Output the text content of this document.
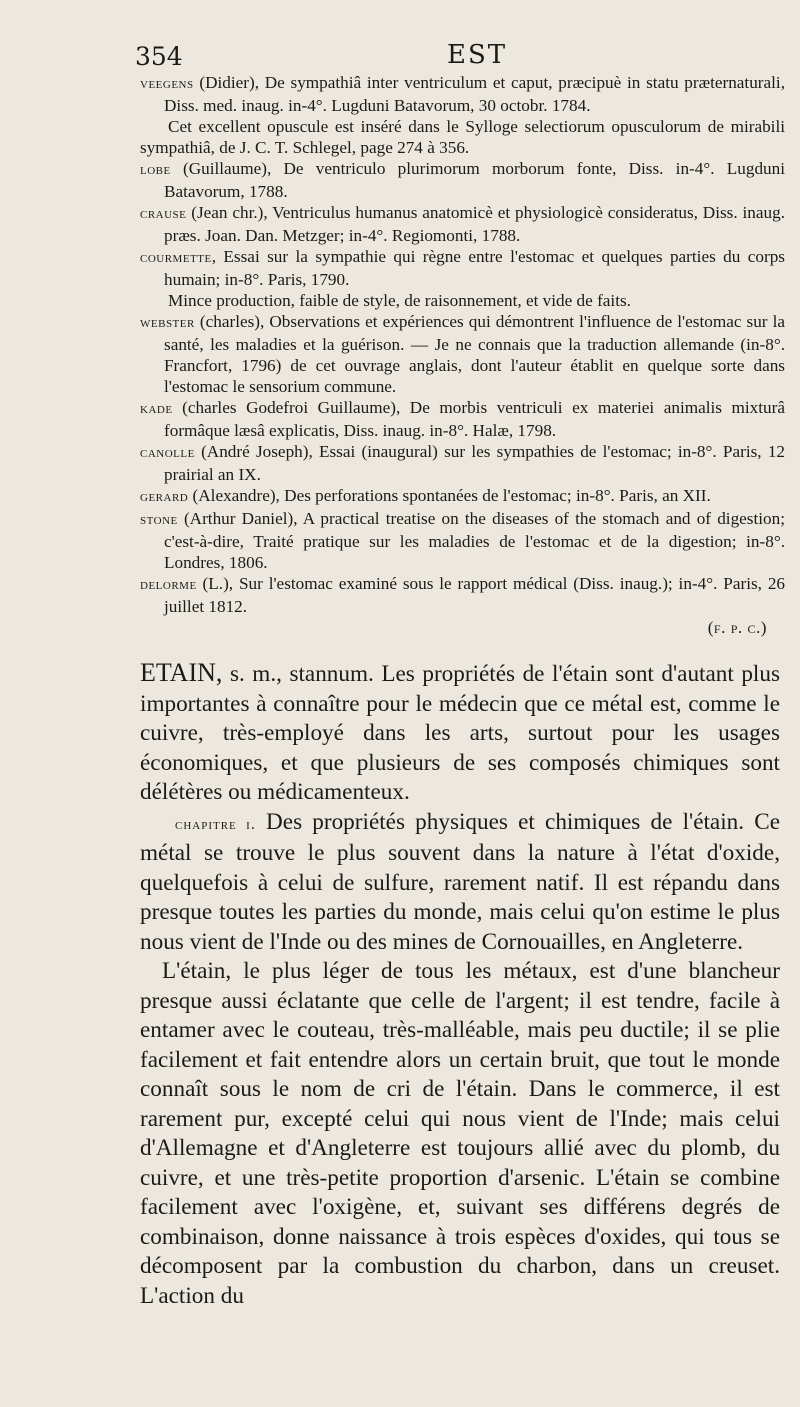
354	EST

veegens (Didier), De sympathiâ inter ventriculum et caput, præcipuè in statu præternaturali, Diss. med. inaug. in-4°. Lugduni Batavorum, 30 octobr. 1784.

Cet excellent opuscule est inséré dans le Sylloge selectiorum opusculorum de mirabili sympathiâ, de J. C. T. Schlegel, page 274 à 356.

lobe (Guillaume), De ventriculo plurimorum morborum fonte, Diss. in-4°. Lugduni Batavorum, 1788.

crause (Jean chr.), Ventriculus humanus anatomicè et physiologicè consideratus, Diss. inaug. præs. Joan. Dan. Metzger; in-4°. Regiomonti, 1788.

courmette, Essai sur la sympathie qui règne entre l'estomac et quelques parties du corps humain; in-8°. Paris, 1790.

Mince production, faible de style, de raisonnement, et vide de faits.

webster (charles), Observations et expériences qui démontrent l'influence de l'estomac sur la santé, les maladies et la guérison. — Je ne connais que la traduction allemande (in-8°. Francfort, 1796) de cet ouvrage anglais, dont l'auteur établit en quelque sorte dans l'estomac le sensorium commune.

kade (charles Godefroi Guillaume), De morbis ventriculi ex materiei animalis mixturâ formâque læsâ explicatis, Diss. inaug. in-8°. Halæ, 1798.

canolle (André Joseph), Essai (inaugural) sur les sympathies de l'estomac; in-8°. Paris, 12 prairial an IX.

gerard (Alexandre), Des perforations spontanées de l'estomac; in-8°. Paris, an XII.

stone (Arthur Daniel), A practical treatise on the diseases of the stomach and of digestion; c'est-à-dire, Traité pratique sur les maladies de l'estomac et de la digestion; in-8°. Londres, 1806.

delorme (L.), Sur l'estomac examiné sous le rapport médical (Diss. inaug.); in-4°. Paris, 26 juillet 1812.

(f. p. c.)

ETAIN, s. m., stannum. Les propriétés de l'étain sont d'autant plus importantes à connaître pour le médecin que ce métal est, comme le cuivre, très-employé dans les arts, surtout pour les usages économiques, et que plusieurs de ses composés chimiques sont délétères ou médicamenteux.

chapitre i. Des propriétés physiques et chimiques de l'étain. Ce métal se trouve le plus souvent dans la nature à l'état d'oxide, quelquefois à celui de sulfure, rarement natif. Il est répandu dans presque toutes les parties du monde, mais celui qu'on estime le plus nous vient de l'Inde ou des mines de Cornouailles, en Angleterre.

L'étain, le plus léger de tous les métaux, est d'une blancheur presque aussi éclatante que celle de l'argent; il est tendre, facile à entamer avec le couteau, très-malléable, mais peu ductile; il se plie facilement et fait entendre alors un certain bruit, que tout le monde connaît sous le nom de cri de l'étain. Dans le commerce, il est rarement pur, excepté celui qui nous vient de l'Inde; mais celui d'Allemagne et d'Angleterre est toujours allié avec du plomb, du cuivre, et une très-petite proportion d'arsenic. L'étain se combine facilement avec l'oxigène, et, suivant ses différens degrés de combinaison, donne naissance à trois espèces d'oxides, qui tous se décomposent par la combustion du charbon, dans un creuset. L'action du
